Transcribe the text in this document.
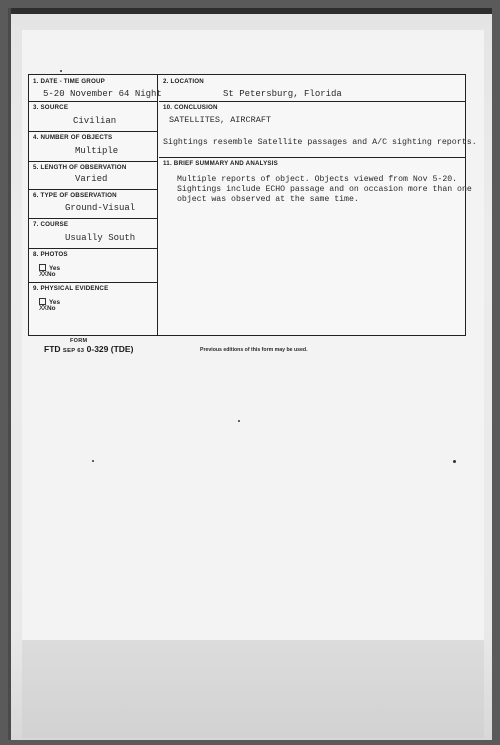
1. DATE - TIME GROUP
5-20 November 64 Night
3. SOURCE
Civilian
4. NUMBER OF OBJECTS
Multiple
5. LENGTH OF OBSERVATION
Varied
6. TYPE OF OBSERVATION
Ground-Visual
7. COURSE
Usually South
8. PHOTOS
Yes
XXNo
9. PHYSICAL EVIDENCE
Yes
XXNo
2. LOCATION
St Petersburg, Florida
10. CONCLUSION
SATELLITES, AIRCRAFT
Sightings resemble Satellite passages and A/C sighting reports.
11. BRIEF SUMMARY AND ANALYSIS
Multiple reports of object. Objects viewed from Nov 5-20.
Sightings include ECHO passage and on occasion more than one
object was observed at the same time.
FORM
FTD SEP 63 0-329 (TDE)	Previous editions of this form may be used.
